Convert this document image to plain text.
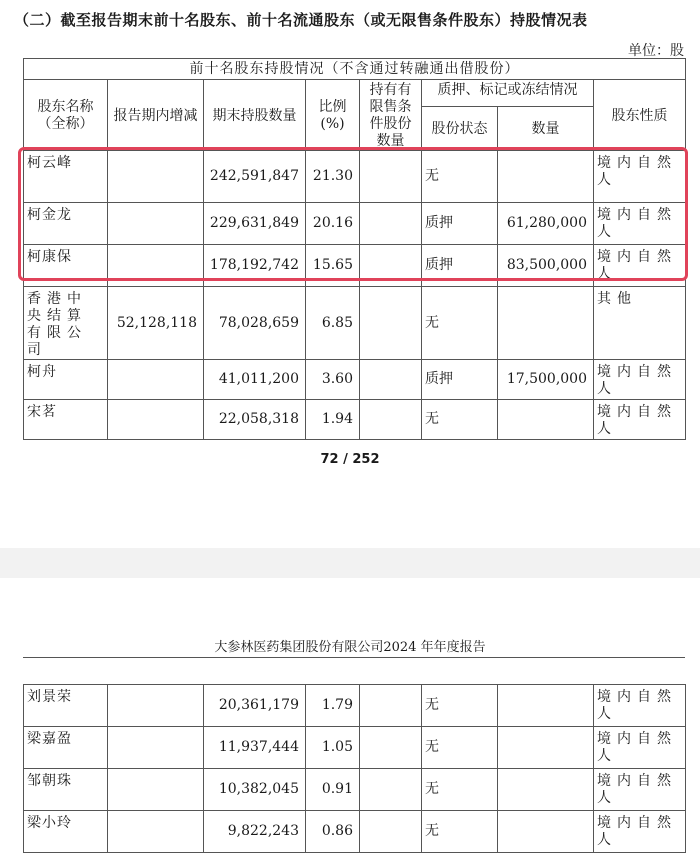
（二）截至报告期末前十名股东、前十名流通股东（或无限售条件股东）持股情况表
单位：股
前十名股东持股情况（不含通过转融通出借股份）							
股东名称（全称）	报告期内增减	期末持股数量	比例(%)	持有有限售条件股份数量	质押、标记或冻结情况		股东性质
					股份状态	数量	
柯云峰		242,591,847	21.30		无		境内自然人
柯金龙		229,631,849	20.16		质押	61,280,000	境内自然人
柯康保		178,192,742	15.65		质押	83,500,000	境内自然人
香港中央结算有限公司	52,128,118	78,028,659	6.85		无		其他
柯舟		41,011,200	3.60		质押	17,500,000	境内自然人
宋茗		22,058,318	1.94		无		境内自然人
72 / 252
大参林医药集团股份有限公司2024 年年度报告
刘景荣		20,361,179	1.79		无		境内自然人
梁嘉盈		11,937,444	1.05		无		境内自然人
邹朝珠		10,382,045	0.91		无		境内自然人
梁小玲		9,822,243	0.86		无		境内自然人
